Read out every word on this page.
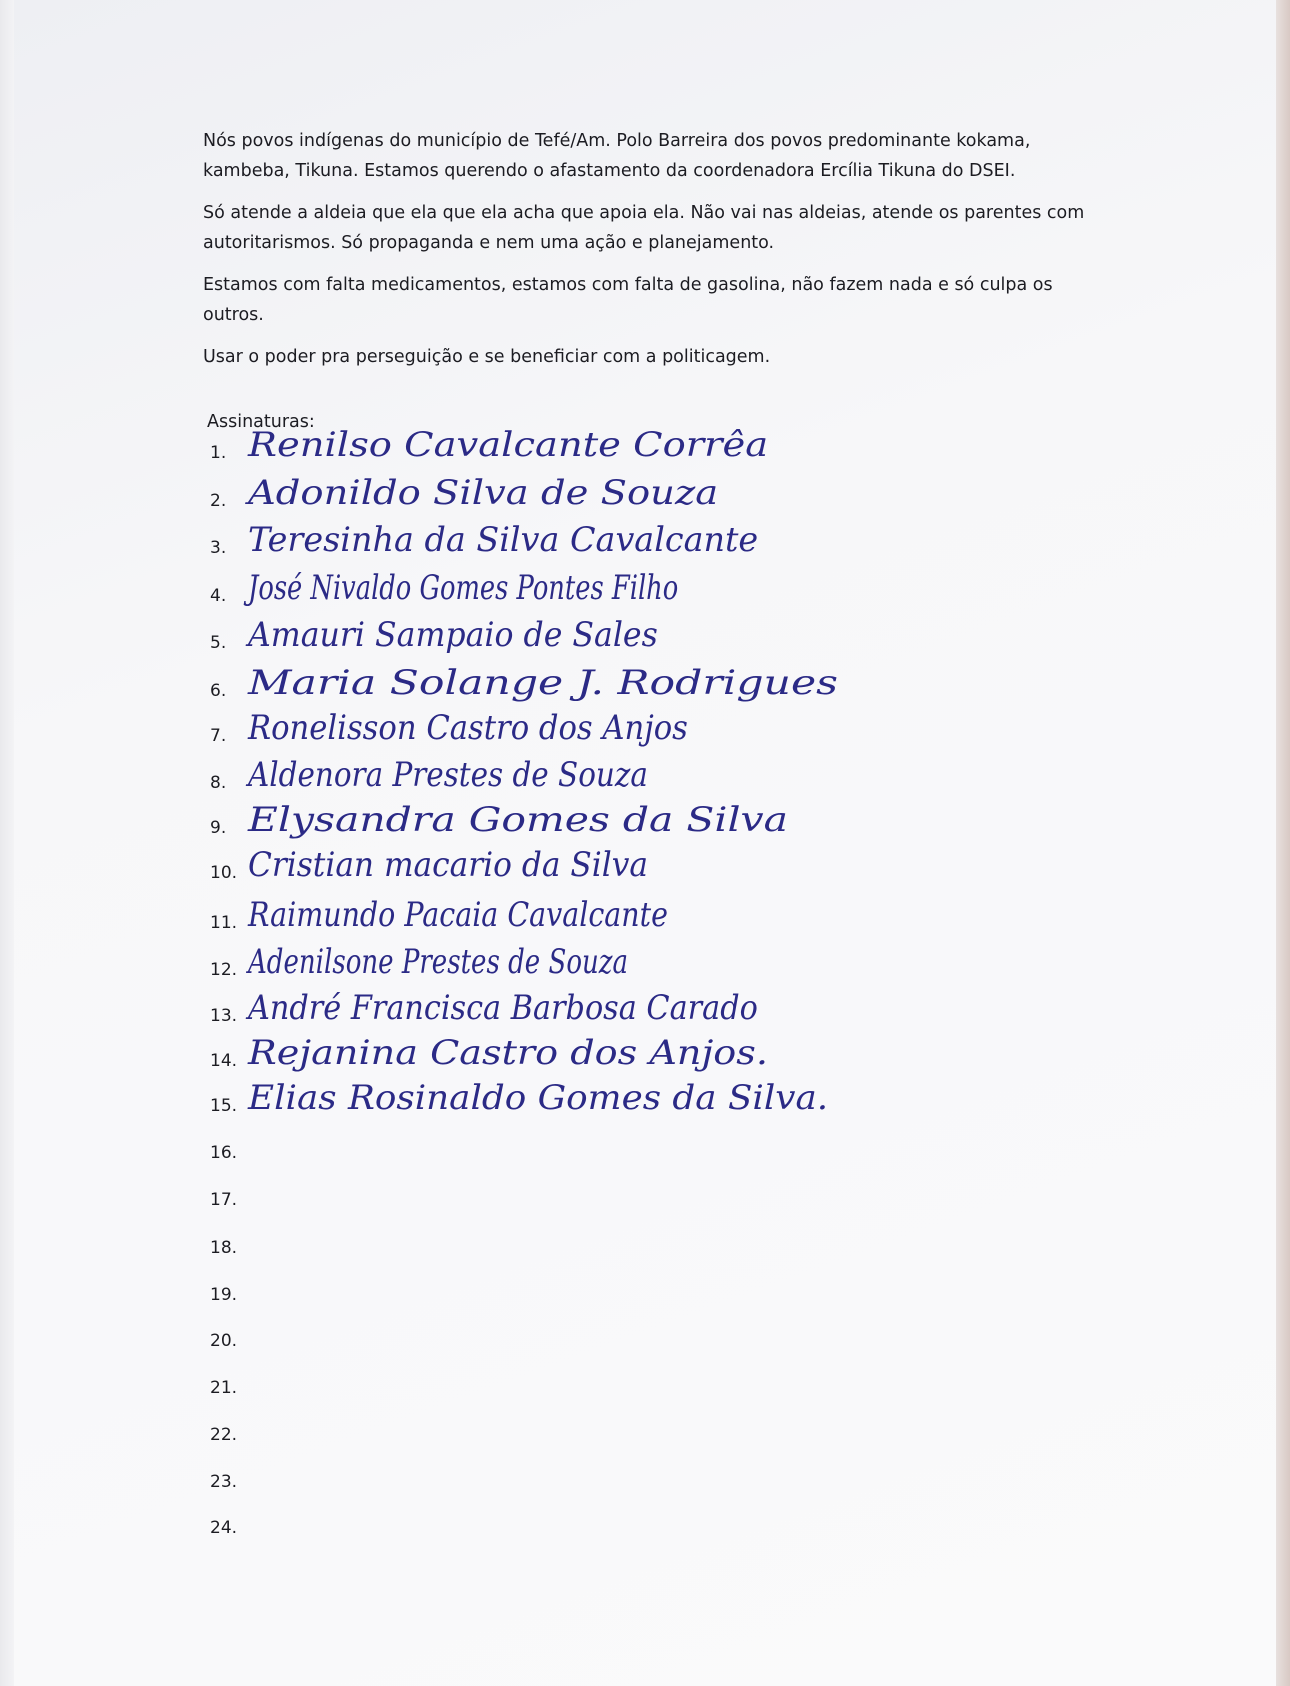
Nós povos indígenas do município de Tefé/Am. Polo Barreira dos povos predominante kokama, kambeba, Tikuna. Estamos querendo o afastamento da coordenadora Ercília Tikuna do DSEI.

Só atende a aldeia que ela que ela acha que apoia ela. Não vai nas aldeias, atende os parentes com autoritarismos. Só propaganda e nem uma ação e planejamento.

Estamos com falta medicamentos, estamos com falta de gasolina, não fazem nada e só culpa os outros.

Usar o poder pra perseguição e se beneficiar com a politicagem.

Assinaturas:
1. Renilso Cavalcante Corrêa
2. Adonildo Silva de Souza
3. Teresinha da Silva Cavalcante
4. José Nivaldo Gomes Pontes Filho
5. Amauri Sampaio de Sales
6. Maria Solange J. Rodrigues
7. Ronelisson Castro dos Anjos
8. Aldenora Prestes de Souza
9. Elysandra Gomes da Silva
10. Cristian macario da Silva
11. Raimundo Pacaia Cavalcante
12. Adenilsone Prestes de Souza
13. André Francisca Barbosa Carado
14. Rejanina Castro dos Anjos.
15. Elias Rosinaldo Gomes da Silva.
16.
17.
18.
19.
20.
21.
22.
23.
24.
